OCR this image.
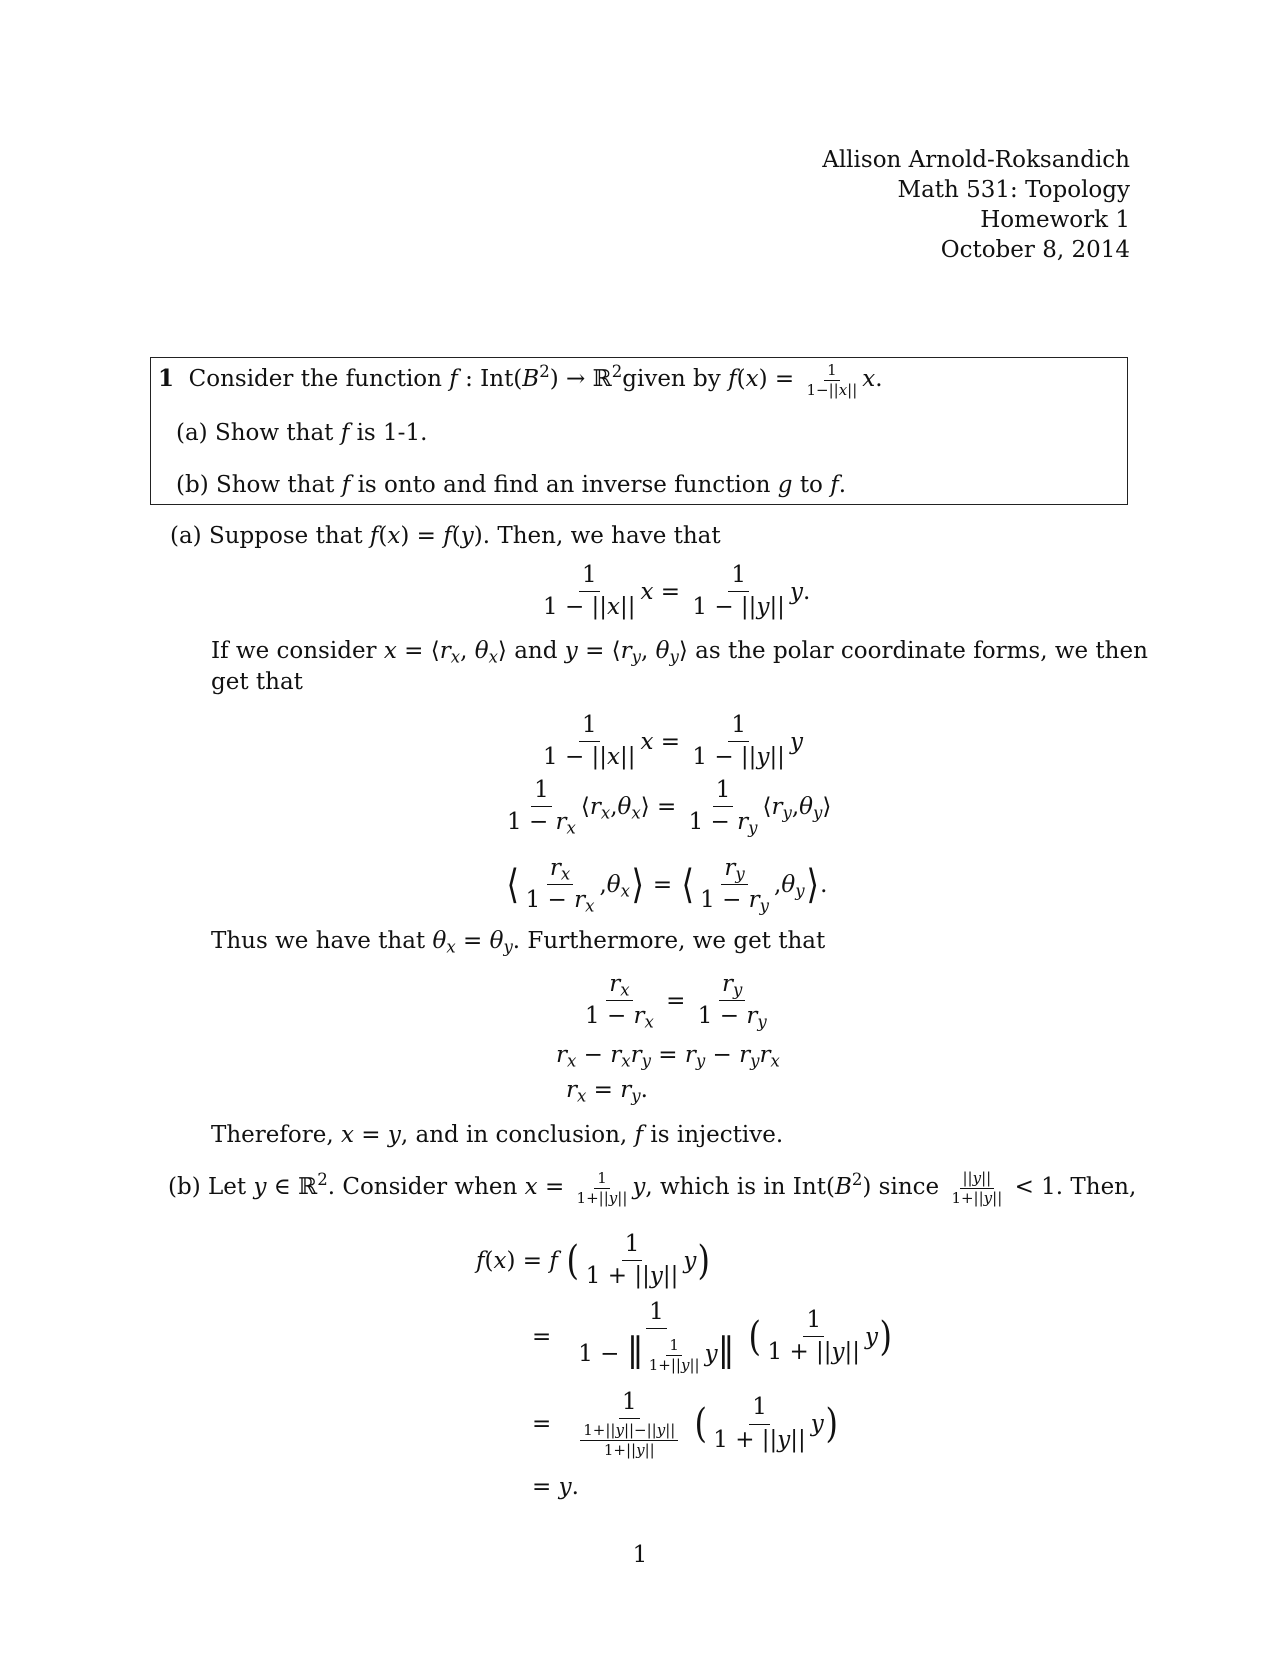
Allison Arnold-Roksandich
Math 531: Topology
Homework 1
October 8, 2014
1 Consider the function f : $Int(B^2)$ → ℝ$^2$given by $f(x) = \frac{1}{1-||x||} x$.
(a) Show that f is 1-1.
(b) Show that f is onto and find an inverse function g to f.
(a) Suppose that f(x) = f(y). Then, we have that
1
1 − ||x||
x =
1
1 − ||y||
y .
If we consider $x = ⟨r_x$, $\theta_x⟩$ and $y = ⟨r_y$, $\theta_y⟩$ as the polar coordinate forms, we then
get that
1
1 − ||x||
x =
1
1 − ||y||
y
1
$1 - r_x$
⟨ $r_x$ , $\theta_x$ ⟩ =
1
$1 - r_y$
⟨ $r_y$ , $\theta_y$ ⟩
⟨ $r_x$
$1 - r_x$
, $\theta_x$ ⟩ = ⟨ $r_y$
$1 - r_y$
, $\theta_y$ ⟩ .
Thus we have that $\theta_x = \theta_y$. Furthermore, we get that
$r_x$
$1 - r_x$
=
$r_y$
$1 - r_y$
$r_x - r_xr_y = r_y - r_yr_x$
$r_x = r_y$ .
Therefore, x = y, and in conclusion, f is injective.
(b) Let y ∈ ℝ$^2$. Consider when $x = \frac{1}{1+||y||} y$, which is in $Int(B^2)$ since $\frac{||y||}{1+||y||} < 1$. Then,
f ( x ) = f
( 1
1 + ||y||
y )
=
1
1 − ‖ $\frac{1}{1+||y||}$ y‖
( 1
1 + ||y||
y )
=
1
$\frac{1+||y||-||y||}{1+||y||}$
( 1
1 + ||y||
y )
= y .
1
